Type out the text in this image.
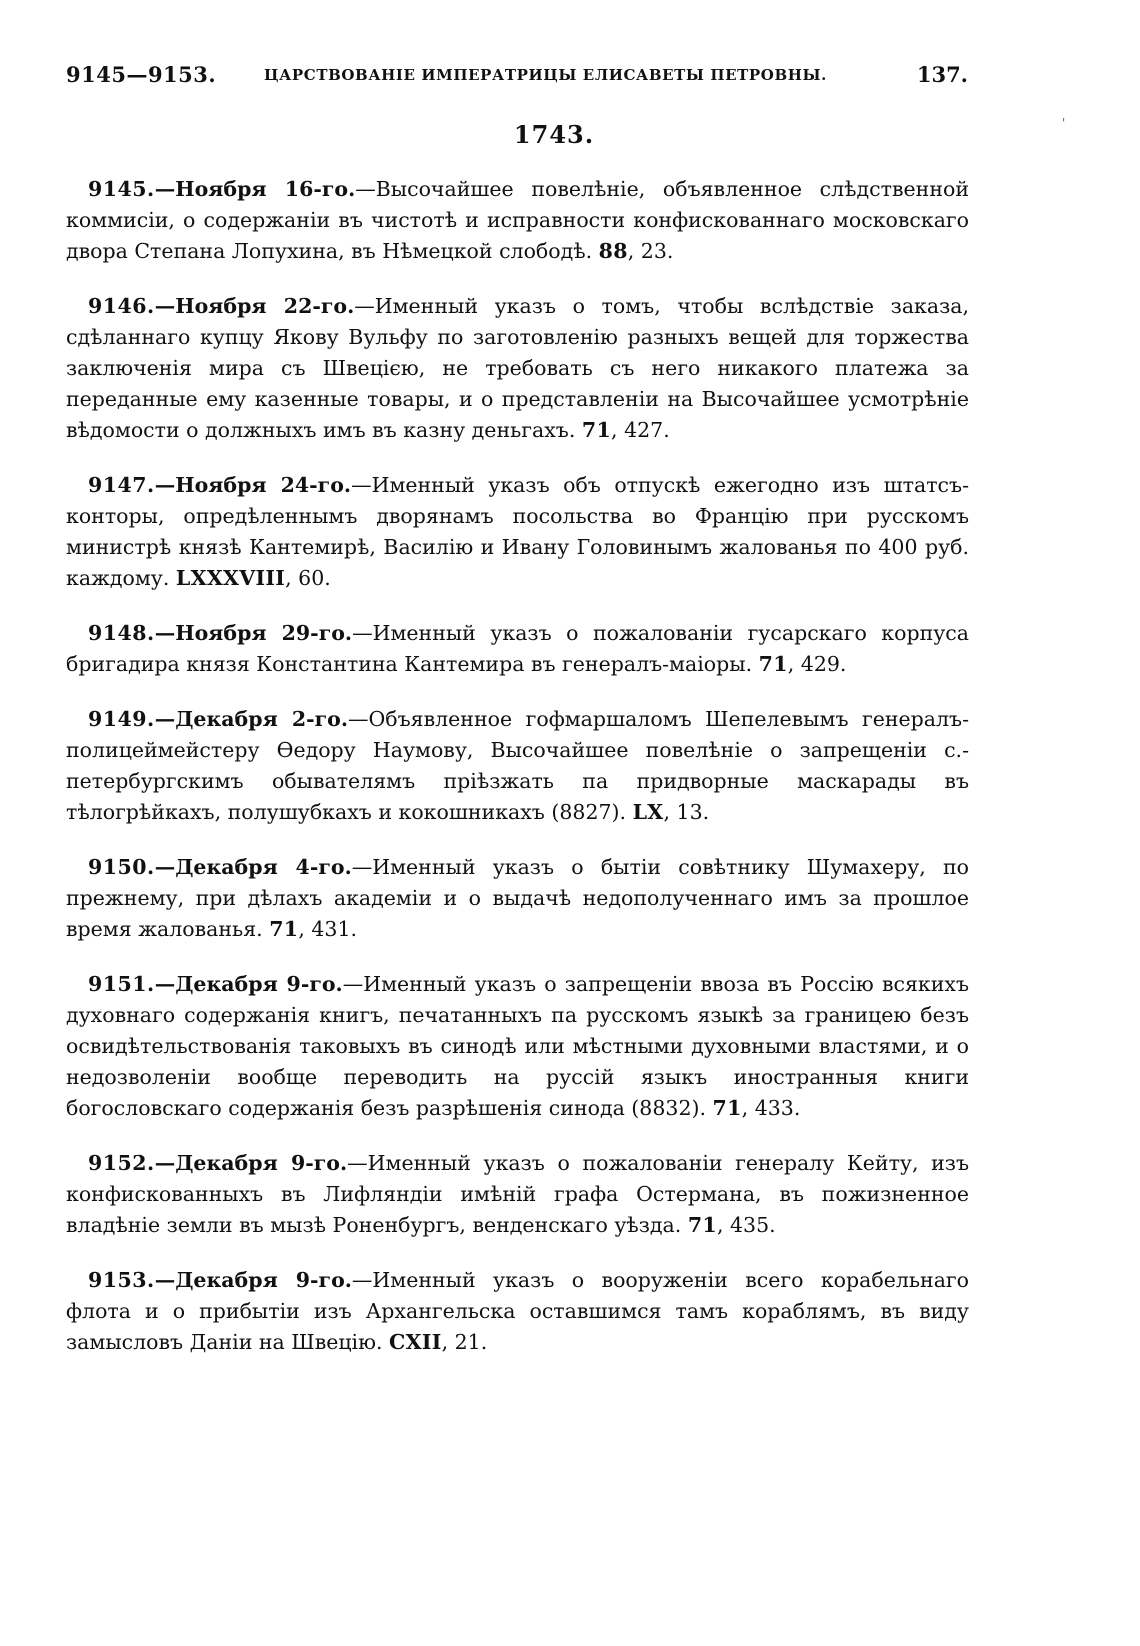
9145—9153.	ЦАРСТВОВАНІЕ ИМПЕРАТРИЦЫ ЕЛИСАВЕТЫ ПЕТРОВНЫ.	137.
'
1743.

9145.—Ноября 16-го.—Высочайшее повелѣніе, объявленное слѣдственной коммисіи, о содержаніи въ чистотѣ и исправности конфискованнаго московскаго двора Степана Лопухина, въ Нѣмецкой слободѣ. 88, 23.

9146.—Ноября 22-го.—Именный указъ о томъ, чтобы вслѣдствіе заказа, сдѣланнаго купцу Якову Вульфу по заготовленію разныхъ вещей для торжества заключенія мира съ Швецією, не требовать съ него никакого платежа за переданные ему казенные товары, и о представленіи на Высочайшее усмотрѣніе вѣдомости о должныхъ имъ въ казну деньгахъ. 71, 427.

9147.—Ноября 24-го.—Именный указъ объ отпускѣ ежегодно изъ штатсъ-конторы, опредѣленнымъ дворянамъ посольства во Францію при русскомъ министрѣ князѣ Кантемирѣ, Василію и Ивану Головинымъ жалованья по 400 руб. каждому. LXXXVIII, 60.

9148.—Ноября 29-го.—Именный указъ о пожалованіи гусарскаго корпуса бригадира князя Константина Кантемира въ генералъ-маіоры. 71, 429.

9149.—Декабря 2-го.—Объявленное гофмаршаломъ Шепелевымъ генералъ-полицеймейстеру Ѳедору Наумову, Высочайшее повелѣніе о запрещеніи с.-петербургскимъ обывателямъ пріѣзжать па придворные маскарады въ тѣлогрѣйкахъ, полушубкахъ и кокошникахъ (8827). LX, 13.

9150.—Декабря 4-го.—Именный указъ о бытіи совѣтнику Шумахеру, по прежнему, при дѣлахъ академіи и о выдачѣ недополученнаго имъ за прошлое время жалованья. 71, 431.

9151.—Декабря 9-го.—Именный указъ о запрещеніи ввоза въ Россію всякихъ духовнаго содержанія книгъ, печатанныхъ па русскомъ языкѣ за границею безъ освидѣтельствованія таковыхъ въ синодѣ или мѣстными духовными властями, и о недозволеніи вообще переводить на руссій языкъ иностранныя книги богословскаго содержанія безъ разрѣшенія синода (8832). 71, 433.

9152.—Декабря 9-го.—Именный указъ о пожалованіи генералу Кейту, изъ конфискованныхъ въ Лифляндіи имѣній графа Остермана, въ пожизненное владѣніе земли въ мызѣ Роненбургъ, венденскаго уѣзда. 71, 435.

9153.—Декабря 9-го.—Именный указъ о вооруженіи всего корабельнаго флота и о прибытіи изъ Архангельска оставшимся тамъ кораблямъ, въ виду замысловъ Даніи на Швецію. CXII, 21.
